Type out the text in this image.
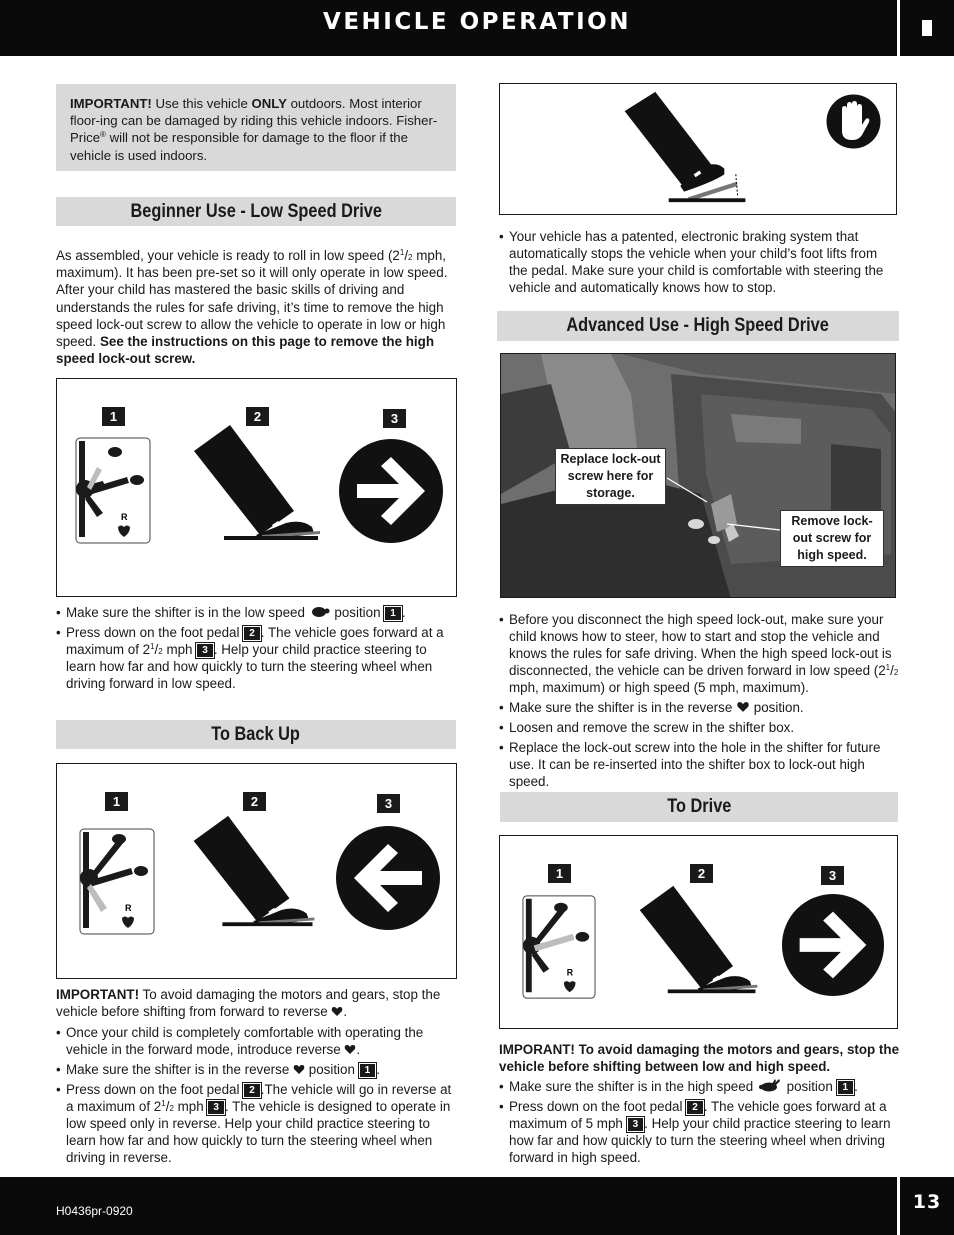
VEHICLE OPERATION
H0436pr-0920	13
IMPORTANT! Use this vehicle ONLY outdoors. Most interior floor-ing can be damaged by riding this vehicle indoors. Fisher-Price® will not be responsible for damage to the floor if the vehicle is used indoors.
Beginner Use - Low Speed Drive
As assembled, your vehicle is ready to roll in low speed ($2^1/2$ mph, maximum). It has been pre-set so it will only operate in low speed. After your child has mastered the basic skills of driving and understands the rules for safe driving, it’s time to remove the high speed lock-out screw to allow the vehicle to operate in low or high speed. See the instructions on this page to remove the high speed lock-out screw.
1	2	3
R
• Make sure the shifter is in the low speed position 1 .
• Press down on the foot pedal 2 . The vehicle goes forward at a maximum of $2^1/2$ mph 3 . Help your child practice steering to learn how far and how quickly to turn the steering wheel when driving forward in low speed.
To Back Up
1	2	3
R
IMPORTANT! To avoid damaging the motors and gears, stop the vehicle before shifting from forward to reverse .
• Once your child is completely comfortable with operating the vehicle in the forward mode, introduce reverse .
• Make sure the shifter is in the reverse position 1 .
• Press down on the foot pedal 2 .The vehicle will go in reverse at a maximum of $2^1/2$ mph 3 . The vehicle is designed to operate in low speed only in reverse. Help your child practice steering to learn how far and how quickly to turn the steering wheel when driving in reverse.
• Your vehicle has a patented, electronic braking system that automatically stops the vehicle when your child’s foot lifts from the pedal. Make sure your child is comfortable with steering the vehicle and automatically knows how to stop.
Advanced Use - High Speed Drive
Replace lock-out screw here for storage.
Remove lock-out screw for high speed.
• Before you disconnect the high speed lock-out, make sure your child knows how to steer, how to start and stop the vehicle and knows the rules for safe driving. When the high speed lock-out is disconnected, the vehicle can be driven forward in low speed ($2^1/2$ mph, maximum) or high speed (5 mph, maximum).
• Make sure the shifter is in the reverse position.
• Loosen and remove the screw in the shifter box.
• Replace the lock-out screw into the hole in the shifter for future use. It can be re-inserted into the shifter box to lock-out high speed.
To Drive
1	2	3
R
IMPORANT! To avoid damaging the motors and gears, stop the vehicle before shifting between low and high speed.
• Make sure the shifter is in the high speed position 1 .
• Press down on the foot pedal 2 . The vehicle goes forward at a maximum of 5 mph 3 . Help your child practice steering to learn how far and how quickly to turn the steering wheel when driving forward in high speed.
